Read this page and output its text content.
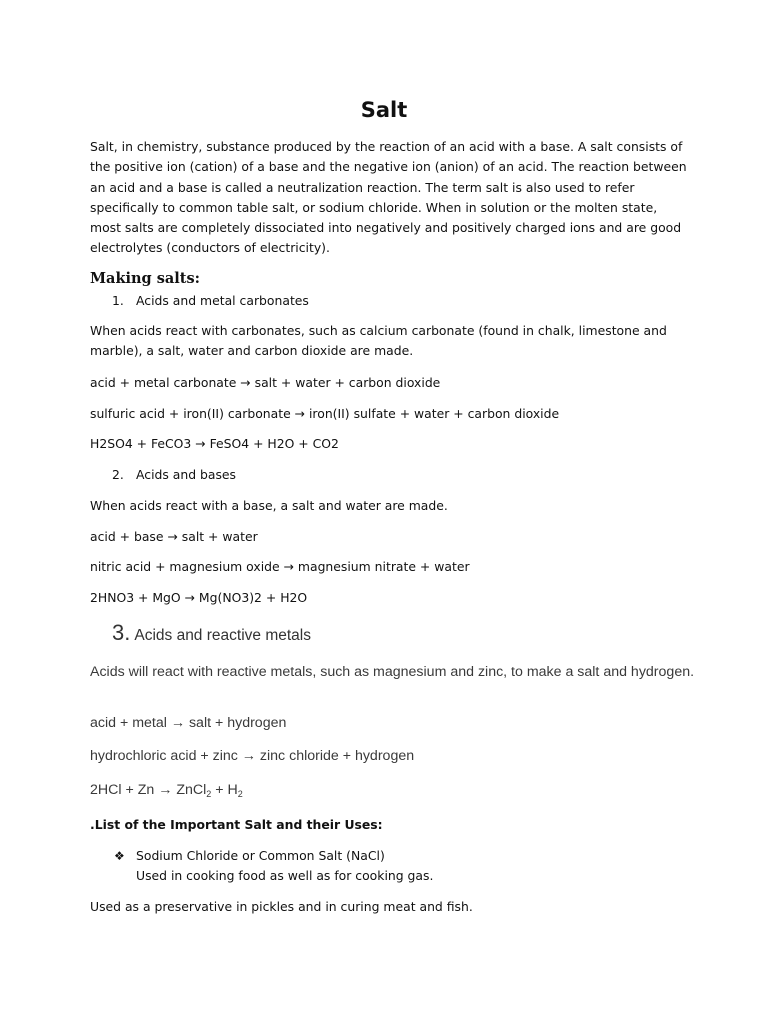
Salt
Salt, in chemistry, substance produced by the reaction of an acid with a base. A salt consists of the positive ion (cation) of a base and the negative ion (anion) of an acid. The reaction between an acid and a base is called a neutralization reaction. The term salt is also used to refer specifically to common table salt, or sodium chloride. When in solution or the molten state, most salts are completely dissociated into negatively and positively charged ions and are good electrolytes (conductors of electricity).
Making salts:
1. Acids and metal carbonates
When acids react with carbonates, such as calcium carbonate (found in chalk, limestone and marble), a salt, water and carbon dioxide are made.
acid + metal carbonate → salt + water + carbon dioxide
sulfuric acid + iron(II) carbonate → iron(II) sulfate + water + carbon dioxide
H2SO4 + FeCO3 → FeSO4 + H2O + CO2
2. Acids and bases
When acids react with a base, a salt and water are made.
acid + base → salt + water
nitric acid + magnesium oxide → magnesium nitrate + water
2HNO3 + MgO → Mg(NO3)2 + H2O
3. Acids and reactive metals
Acids will react with reactive metals, such as magnesium and zinc, to make a salt and hydrogen.
acid + metal → salt + hydrogen
hydrochloric acid + zinc → zinc chloride + hydrogen
2HCl + Zn → ZnCl$_2$ + $H_2$
.List of the Important Salt and their Uses:
❖ Sodium Chloride or Common Salt (NaCl)
Used in cooking food as well as for cooking gas.
Used as a preservative in pickles and in curing meat and fish.
